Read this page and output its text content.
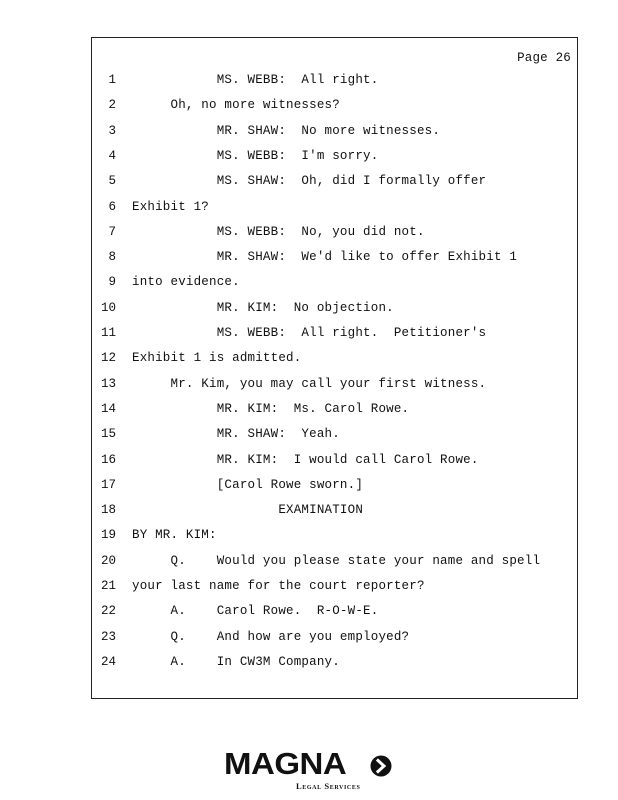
Page 26
1 MS. WEBB:  All right.
2 Oh, no more witnesses?
3 MR. SHAW:  No more witnesses.
4 MS. WEBB:  I'm sorry.
5 MS. SHAW:  Oh, did I formally offer
6 Exhibit 1?
7 MS. WEBB:  No, you did not.
8 MR. SHAW:  We'd like to offer Exhibit 1
9 into evidence.
10 MR. KIM:  No objection.
11 MS. WEBB:  All right.  Petitioner's
12 Exhibit 1 is admitted.
13 Mr. Kim, you may call your first witness.
14 MR. KIM:  Ms. Carol Rowe.
15 MR. SHAW:  Yeah.
16 MR. KIM:  I would call Carol Rowe.
17 [Carol Rowe sworn.]
18 EXAMINATION
19 BY MR. KIM:
20 Q.    Would you please state your name and spell
21 your last name for the court reporter?
22 A.    Carol Rowe.  R-O-W-E.
23 Q.    And how are you employed?
24 A.    In CW3M Company.
MAGNA
Legal Services
